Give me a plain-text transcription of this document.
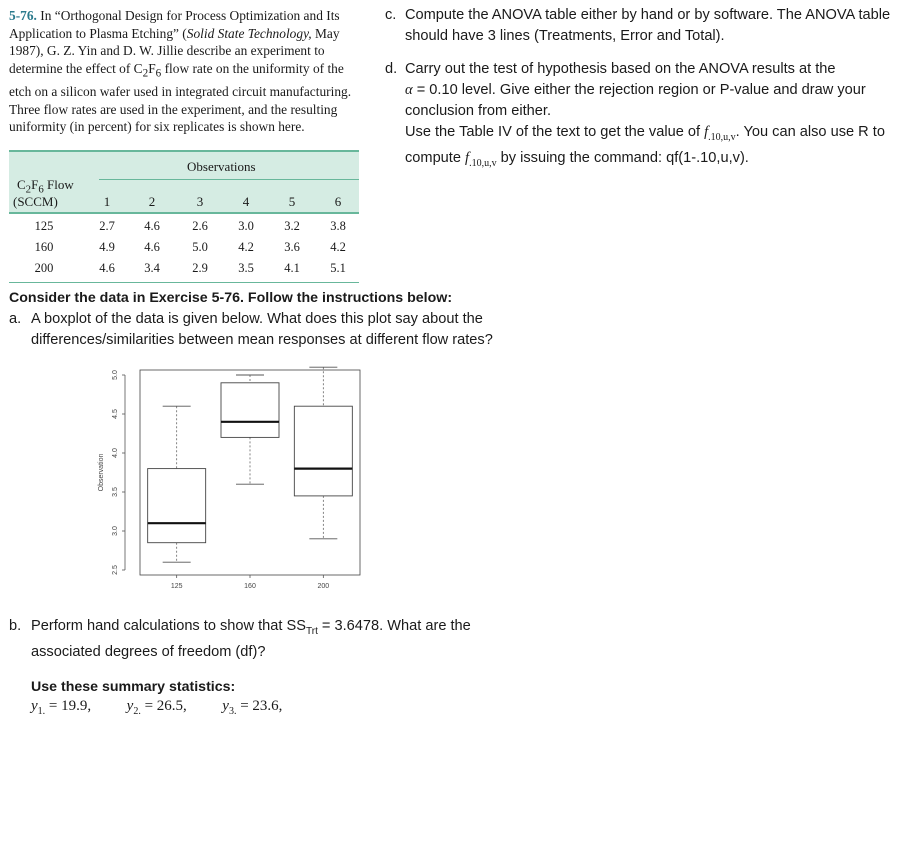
5-76. In “Orthogonal Design for Process Optimization and Its Application to Plasma Etching” (Solid State Technology, May 1987), G. Z. Yin and D. W. Jillie describe an experiment to determine the effect of $C_2F_6$ flow rate on the uniformity of the etch on a silicon wafer used in integrated circuit manufacturing. Three flow rates are used in the experiment, and the resulting uniformity (in percent) for six replicates is shown here.
Observations
$C_2F_6$ Flow
(SCCM)	1	2	3	4	5	6
125	2.7	4.6	2.6	3.0	3.2	3.8
160	4.9	4.6	5.0	4.2	3.6	4.2
200	4.6	3.4	2.9	3.5	4.1	5.1
Consider the data in Exercise 5-76. Follow the instructions below:
a. A boxplot of the data is given below. What does this plot say about the differences/similarities between mean responses at different flow rates?
2.5
3.0
3.5
4.0
4.5
5.0
Observation
125	160	200
b. Perform hand calculations to show that $SS_{Trt} = 3.6478$. What are the associated degrees of freedom (df)?
Use these summary statistics:
$y_{1.} = 19.9$, $y_{2.} = 26.5$, $y_{3.} = 23.6$,
c. Compute the ANOVA table either by hand or by software. The ANOVA table should have 3 lines (Treatments, Error and Total).
d. Carry out the test of hypothesis based on the ANOVA results at the
α = 0.10 level. Give either the rejection region or P-value and draw your conclusion from either.
Use the Table IV of the text to get the value of $f_{.10,u,v}$. You can also use R to compute $f_{.10,u,v}$ by issuing the command: qf(1-.10,u,v).
